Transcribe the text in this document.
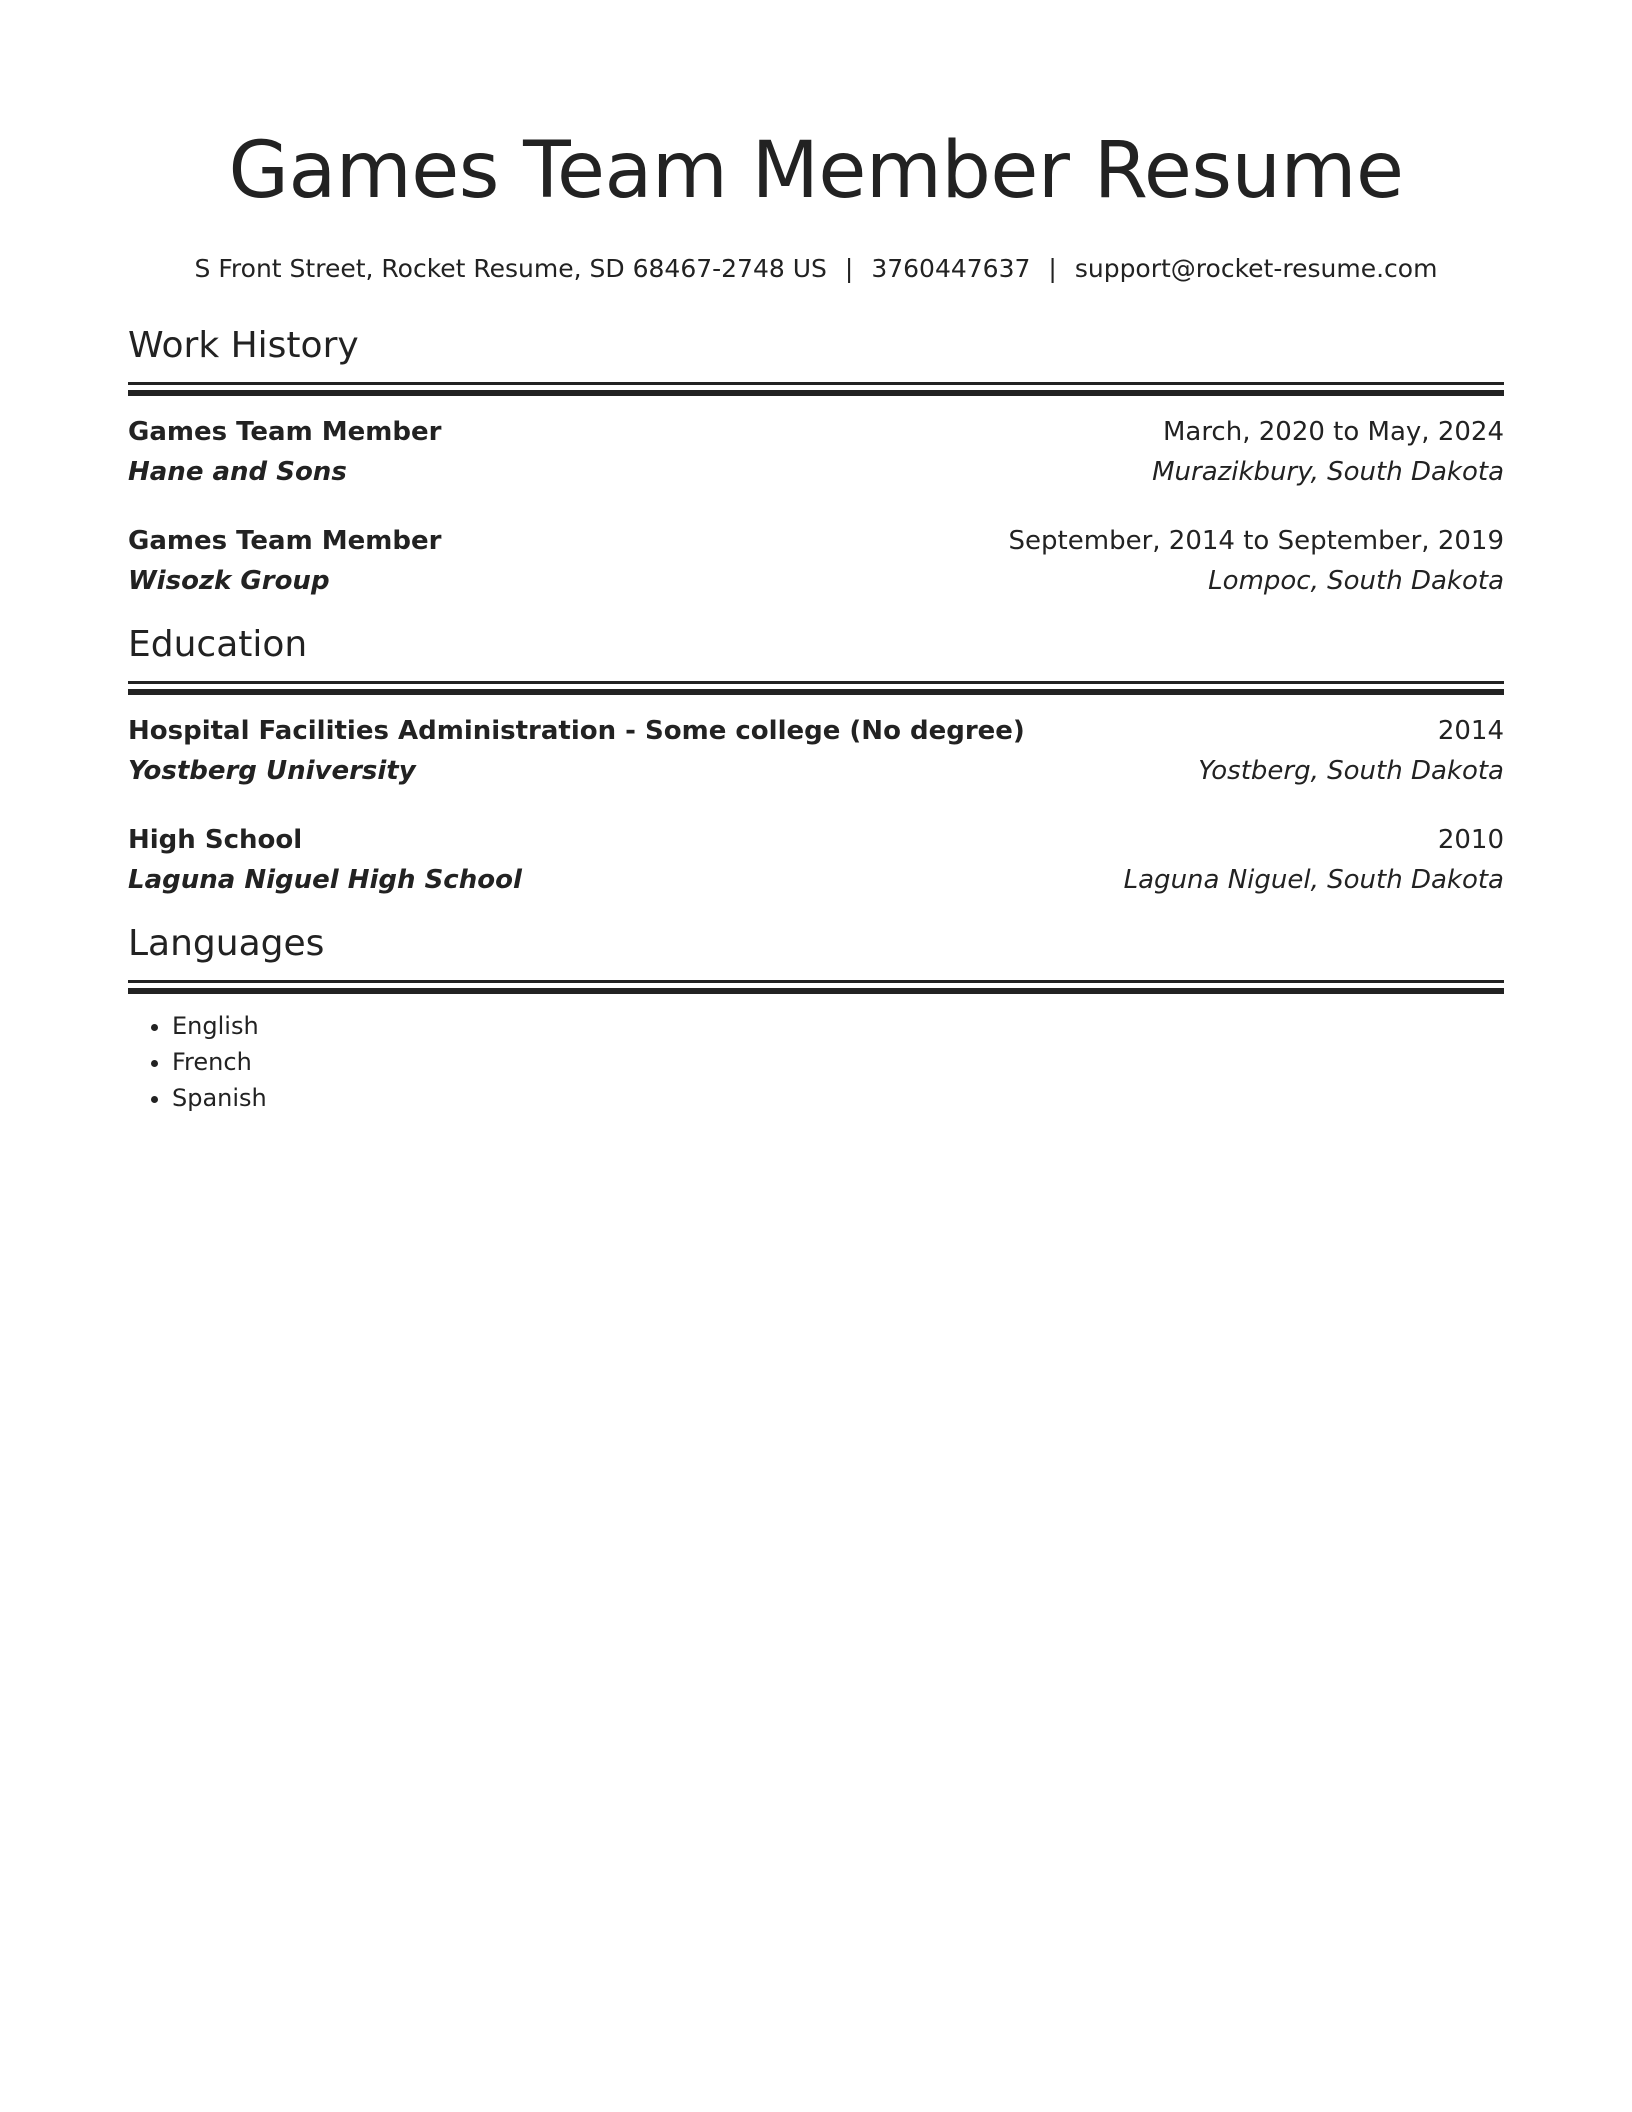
Games Team Member Resume
S Front Street, Rocket Resume, SD 68467-2748 US | 3760447637 | support@rocket-resume.com
Work History
Games Team Member
Hane and Sons
March, 2020 to May, 2024
Murazikbury, South Dakota
Games Team Member
Wisozk Group
September, 2014 to September, 2019
Lompoc, South Dakota
Education
Hospital Facilities Administration - Some college (No degree)
Yostberg University
2014
Yostberg, South Dakota
High School
Laguna Niguel High School
2010
Laguna Niguel, South Dakota
Languages
• English
• French
• Spanish
